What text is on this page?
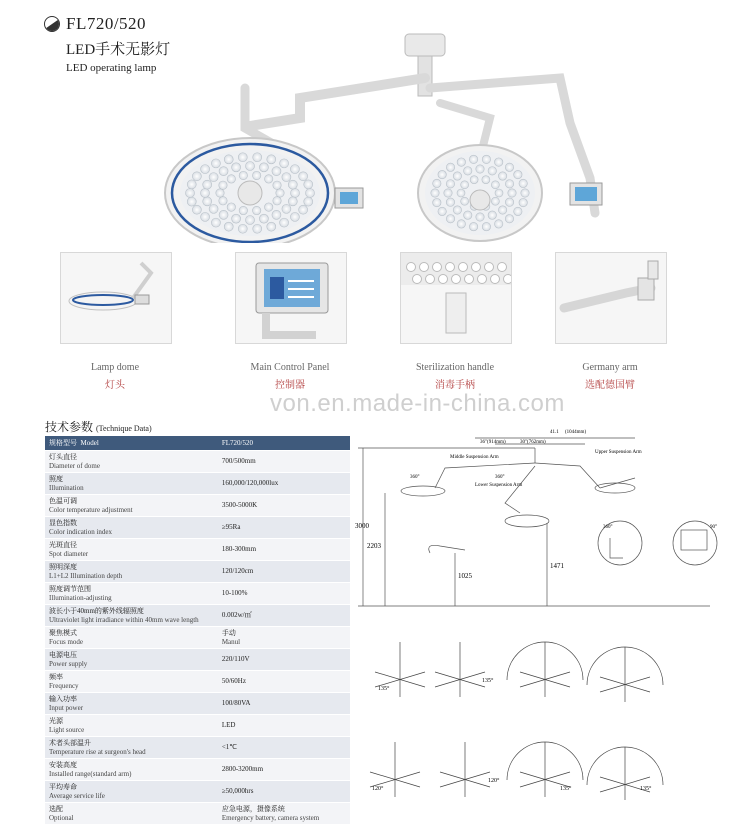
FL720/520
LED手术无影灯
LED operating lamp
Lamp dome
灯头
Main Control Panel
控制器
Sterilization handle
消毒手柄
Germany arm
选配德国臂
von.en.made-in-china.com
技术参数 (Technique Data)
规格型号 Model	FL720/520

灯头直径
Diameter of dome	700/500mm

照度
Illumination	160,000/120,000lux

色温可调
Color temperature adjustment	3500-5000K

显色指数
Color indication index	≥95Ra

光斑直径
Spot diameter	180-300mm

照明深度
L1+L2 Illumination depth	120/120cm

照度调节范围
Illumination-adjusting	10-100%

波长小于40mm的紫外线辐照度
Ultraviolet light irradiance within 40mm wave length	0.002w/㎡

聚焦模式
Focus mode	手动
Manul

电源电压
Power supply	220/110V

频率
Frequency	50/60Hz

输入功率
Input power	100/80VA

光源
Light source	LED

术者头部温升
Temperature rise at surgeon's head	<1℃

安装高度
Installed range(standard arm)	2800-3200mm

平均寿命
Average service life	≥50,000hrs

选配
Optional	应急电源，摄像系统
Emergency battery, camera system
3000
2203
1025
1471
41.1 (1044mm)
36"(914mm)	30"(762mm)
Middle Suspension Arm
Lower Suspension Arm
Upper Suspension Arm
360°	360°
360°	90°
135°
135°
120°
120°
135°	135°
